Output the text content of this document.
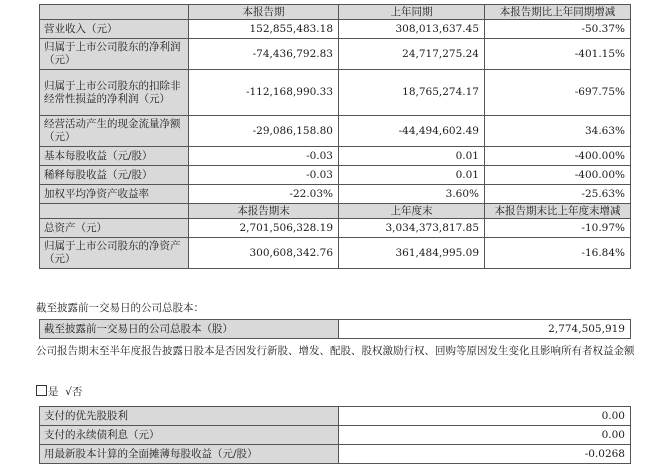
	本报告期	上年同期	本报告期比上年同期增减
营业收入（元）	152,855,483.18	308,013,637.45	-50.37%
归属于上市公司股东的净利润（元）	-74,436,792.83	24,717,275.24	-401.15%
归属于上市公司股东的扣除非经常性损益的净利润（元）	-112,168,990.33	18,765,274.17	-697.75%
经营活动产生的现金流量净额（元）	-29,086,158.80	-44,494,602.49	34.63%
基本每股收益（元/股）	-0.03	0.01	-400.00%
稀释每股收益（元/股）	-0.03	0.01	-400.00%
加权平均净资产收益率	-22.03%	3.60%	-25.63%
	本报告期末	上年度末	本报告期末比上年度末增减
总资产（元）	2,701,506,328.19	3,034,373,817.85	-10.97%
归属于上市公司股东的净资产（元）	300,608,342.76	361,484,995.09	-16.84%
截至披露前一交易日的公司总股本：
截至披露前一交易日的公司总股本（股）	2,774,505,919
公司报告期末至半年度报告披露日股本是否因发行新股、增发、配股、股权激励行权、回购等原因发生变化且影响所有者权益金额
是 √否
支付的优先股股利	0.00
支付的永续债利息（元）	0.00
用最新股本计算的全面摊薄每股收益（元/股）	-0.0268
